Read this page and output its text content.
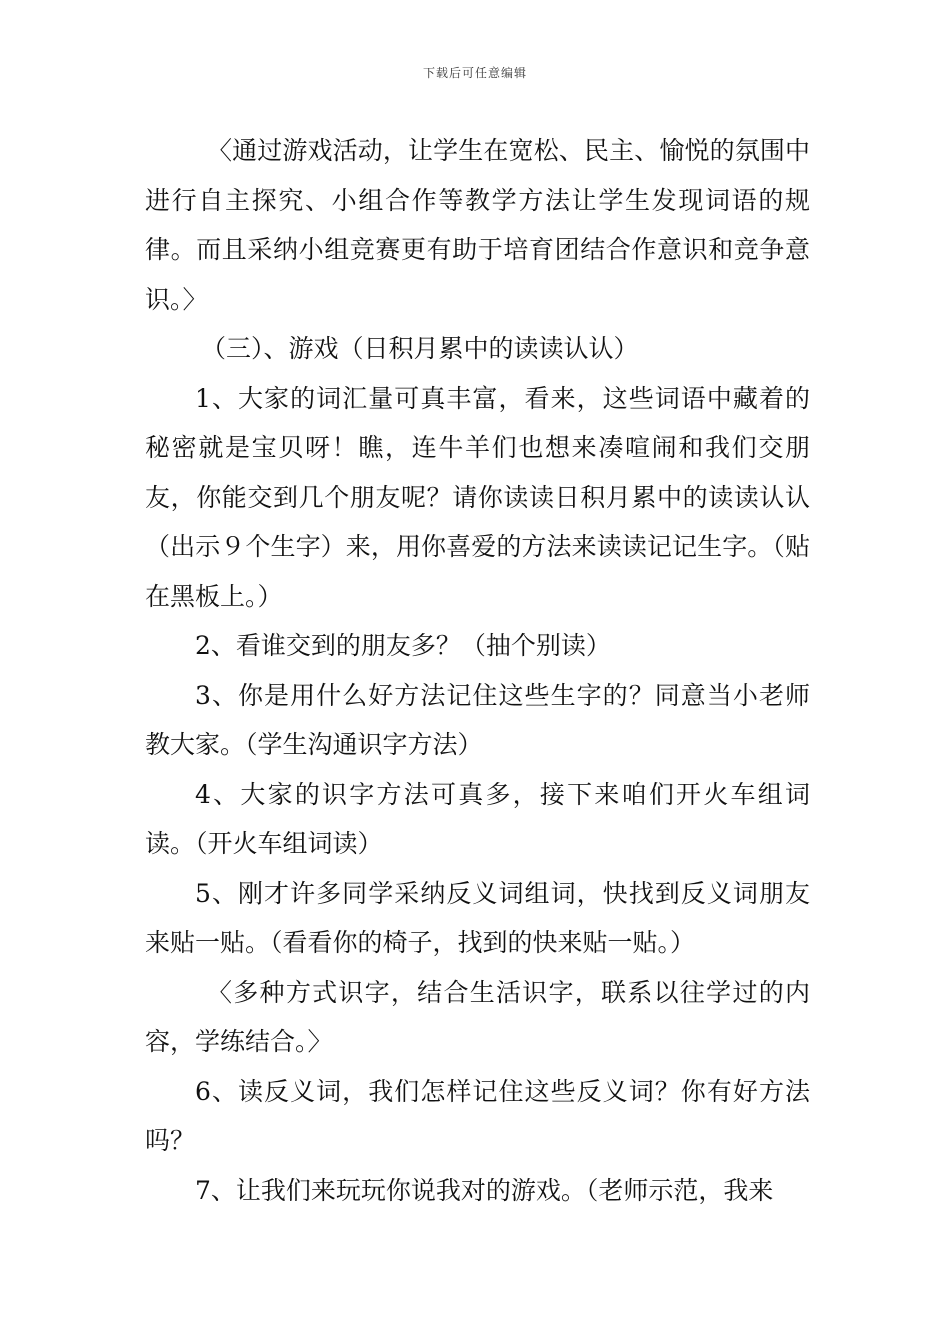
下载后可任意编辑

〈通过游戏活动，让学生在宽松、民主、愉悦的氛围中进行自主探究、小组合作等教学方法让学生发现词语的规律。而且采纳小组竞赛更有助于培育团结合作意识和竞争意识。〉

（三）、游戏（日积月累中的读读认认）

1、大家的词汇量可真丰富，看来，这些词语中藏着的秘密就是宝贝呀！瞧，连牛羊们也想来凑喧闹和我们交朋友，你能交到几个朋友呢？请你读读日积月累中的读读认认（出示９个生字）来，用你喜爱的方法来读读记记生字。（贴在黑板上。）

2、看谁交到的朋友多？（抽个别读）

3、你是用什么好方法记住这些生字的？同意当小老师教大家。（学生沟通识字方法）

4、大家的识字方法可真多，接下来咱们开火车组词读。（开火车组词读）

5、刚才许多同学采纳反义词组词，快找到反义词朋友来贴一贴。（看看你的椅子，找到的快来贴一贴。）

〈多种方式识字，结合生活识字，联系以往学过的内容，学练结合。〉

6、读反义词，我们怎样记住这些反义词？你有好方法吗？

7、让我们来玩玩你说我对的游戏。（老师示范，我来
